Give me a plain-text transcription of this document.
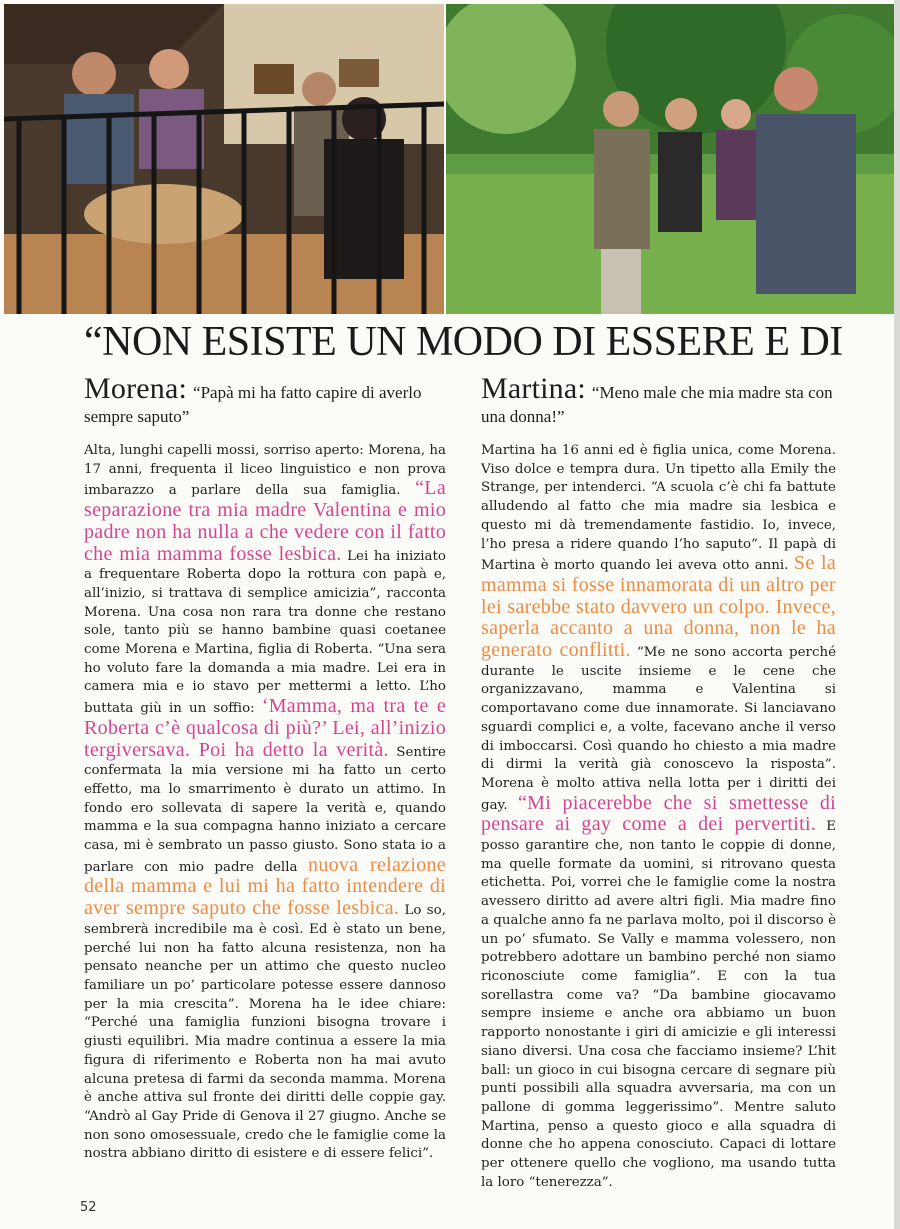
“NON ESISTE UN MODO DI ESSERE E DI
Morena: “Papà mi ha fatto capire di averlo sempre saputo”
Alta, lunghi capelli mossi, sorriso aperto: Morena, ha 17 anni, frequenta il liceo linguistico e non prova imbarazzo a parlare della sua famiglia. “La separazione tra mia madre Valentina e mio padre non ha nulla a che vedere con il fatto che mia mamma fosse lesbica. Lei ha iniziato a frequentare Roberta dopo la rottura con papà e, all’inizio, si trattava di semplice amicizia”, racconta Morena. Una cosa non rara tra donne che restano sole, tanto più se hanno bambine quasi coetanee come Morena e Martina, figlia di Roberta. “Una sera ho voluto fare la domanda a mia madre. Lei era in camera mia e io stavo per mettermi a letto. L’ho buttata giù in un soffio: ‘Mamma, ma tra te e Roberta c’è qualcosa di più?’ Lei, all’inizio tergiversava. Poi ha detto la verità. Sentire confermata la mia versione mi ha fatto un certo effetto, ma lo smarrimento è durato un attimo. In fondo ero sollevata di sapere la verità e, quando mamma e la sua compagna hanno iniziato a cercare casa, mi è sembrato un passo giusto. Sono stata io a parlare con mio padre della nuova relazione della mamma e lui mi ha fatto intendere di aver sempre saputo che fosse lesbica. Lo so, sembrerà incredibile ma è così. Ed è stato un bene, perché lui non ha fatto alcuna resistenza, non ha pensato neanche per un attimo che questo nucleo familiare un po’ particolare potesse essere dannoso per la mia crescita”. Morena ha le idee chiare: “Perché una famiglia funzioni bisogna trovare i giusti equilibri. Mia madre continua a essere la mia figura di riferimento e Roberta non ha mai avuto alcuna pretesa di farmi da seconda mamma. Morena è anche attiva sul fronte dei diritti delle coppie gay. “Andrò al Gay Pride di Genova il 27 giugno. Anche se non sono omosessuale, credo che le famiglie come la nostra abbiano diritto di esistere e di essere felici”.
Martina: “Meno male che mia madre sta con una donna!”
Martina ha 16 anni ed è figlia unica, come Morena. Viso dolce e tempra dura. Un tipetto alla Emily the Strange, per intenderci. “A scuola c’è chi fa battute alludendo al fatto che mia madre sia lesbica e questo mi dà tremendamente fastidio. Io, invece, l’ho presa a ridere quando l’ho saputo”. Il papà di Martina è morto quando lei aveva otto anni. Se la mamma si fosse innamorata di un altro per lei sarebbe stato davvero un colpo. Invece, saperla accanto a una donna, non le ha generato conflitti. “Me ne sono accorta perché durante le uscite insieme e le cene che organizzavano, mamma e Valentina si comportavano come due innamorate. Si lanciavano sguardi complici e, a volte, facevano anche il verso di imboccarsi. Così quando ho chiesto a mia madre di dirmi la verità già conoscevo la risposta”. Morena è molto attiva nella lotta per i diritti dei gay. “Mi piacerebbe che si smettesse di pensare ai gay come a dei pervertiti. E posso garantire che, non tanto le coppie di donne, ma quelle formate da uomini, si ritrovano questa etichetta. Poi, vorrei che le famiglie come la nostra avessero diritto ad avere altri figli. Mia madre fino a qualche anno fa ne parlava molto, poi il discorso è un po’ sfumato. Se Vally e mamma volessero, non potrebbero adottare un bambino perché non siamo riconosciute come famiglia”. E con la tua sorellastra come va? “Da bambine giocavamo sempre insieme e anche ora abbiamo un buon rapporto nonostante i giri di amicizie e gli interessi siano diversi. Una cosa che facciamo insieme? L’hit ball: un gioco in cui bisogna cercare di segnare più punti possibili alla squadra avversaria, ma con un pallone di gomma leggerissimo”. Mentre saluto Martina, penso a questo gioco e alla squadra di donne che ho appena conosciuto. Capaci di lottare per ottenere quello che vogliono, ma usando tutta la loro “tenerezza”.
52
